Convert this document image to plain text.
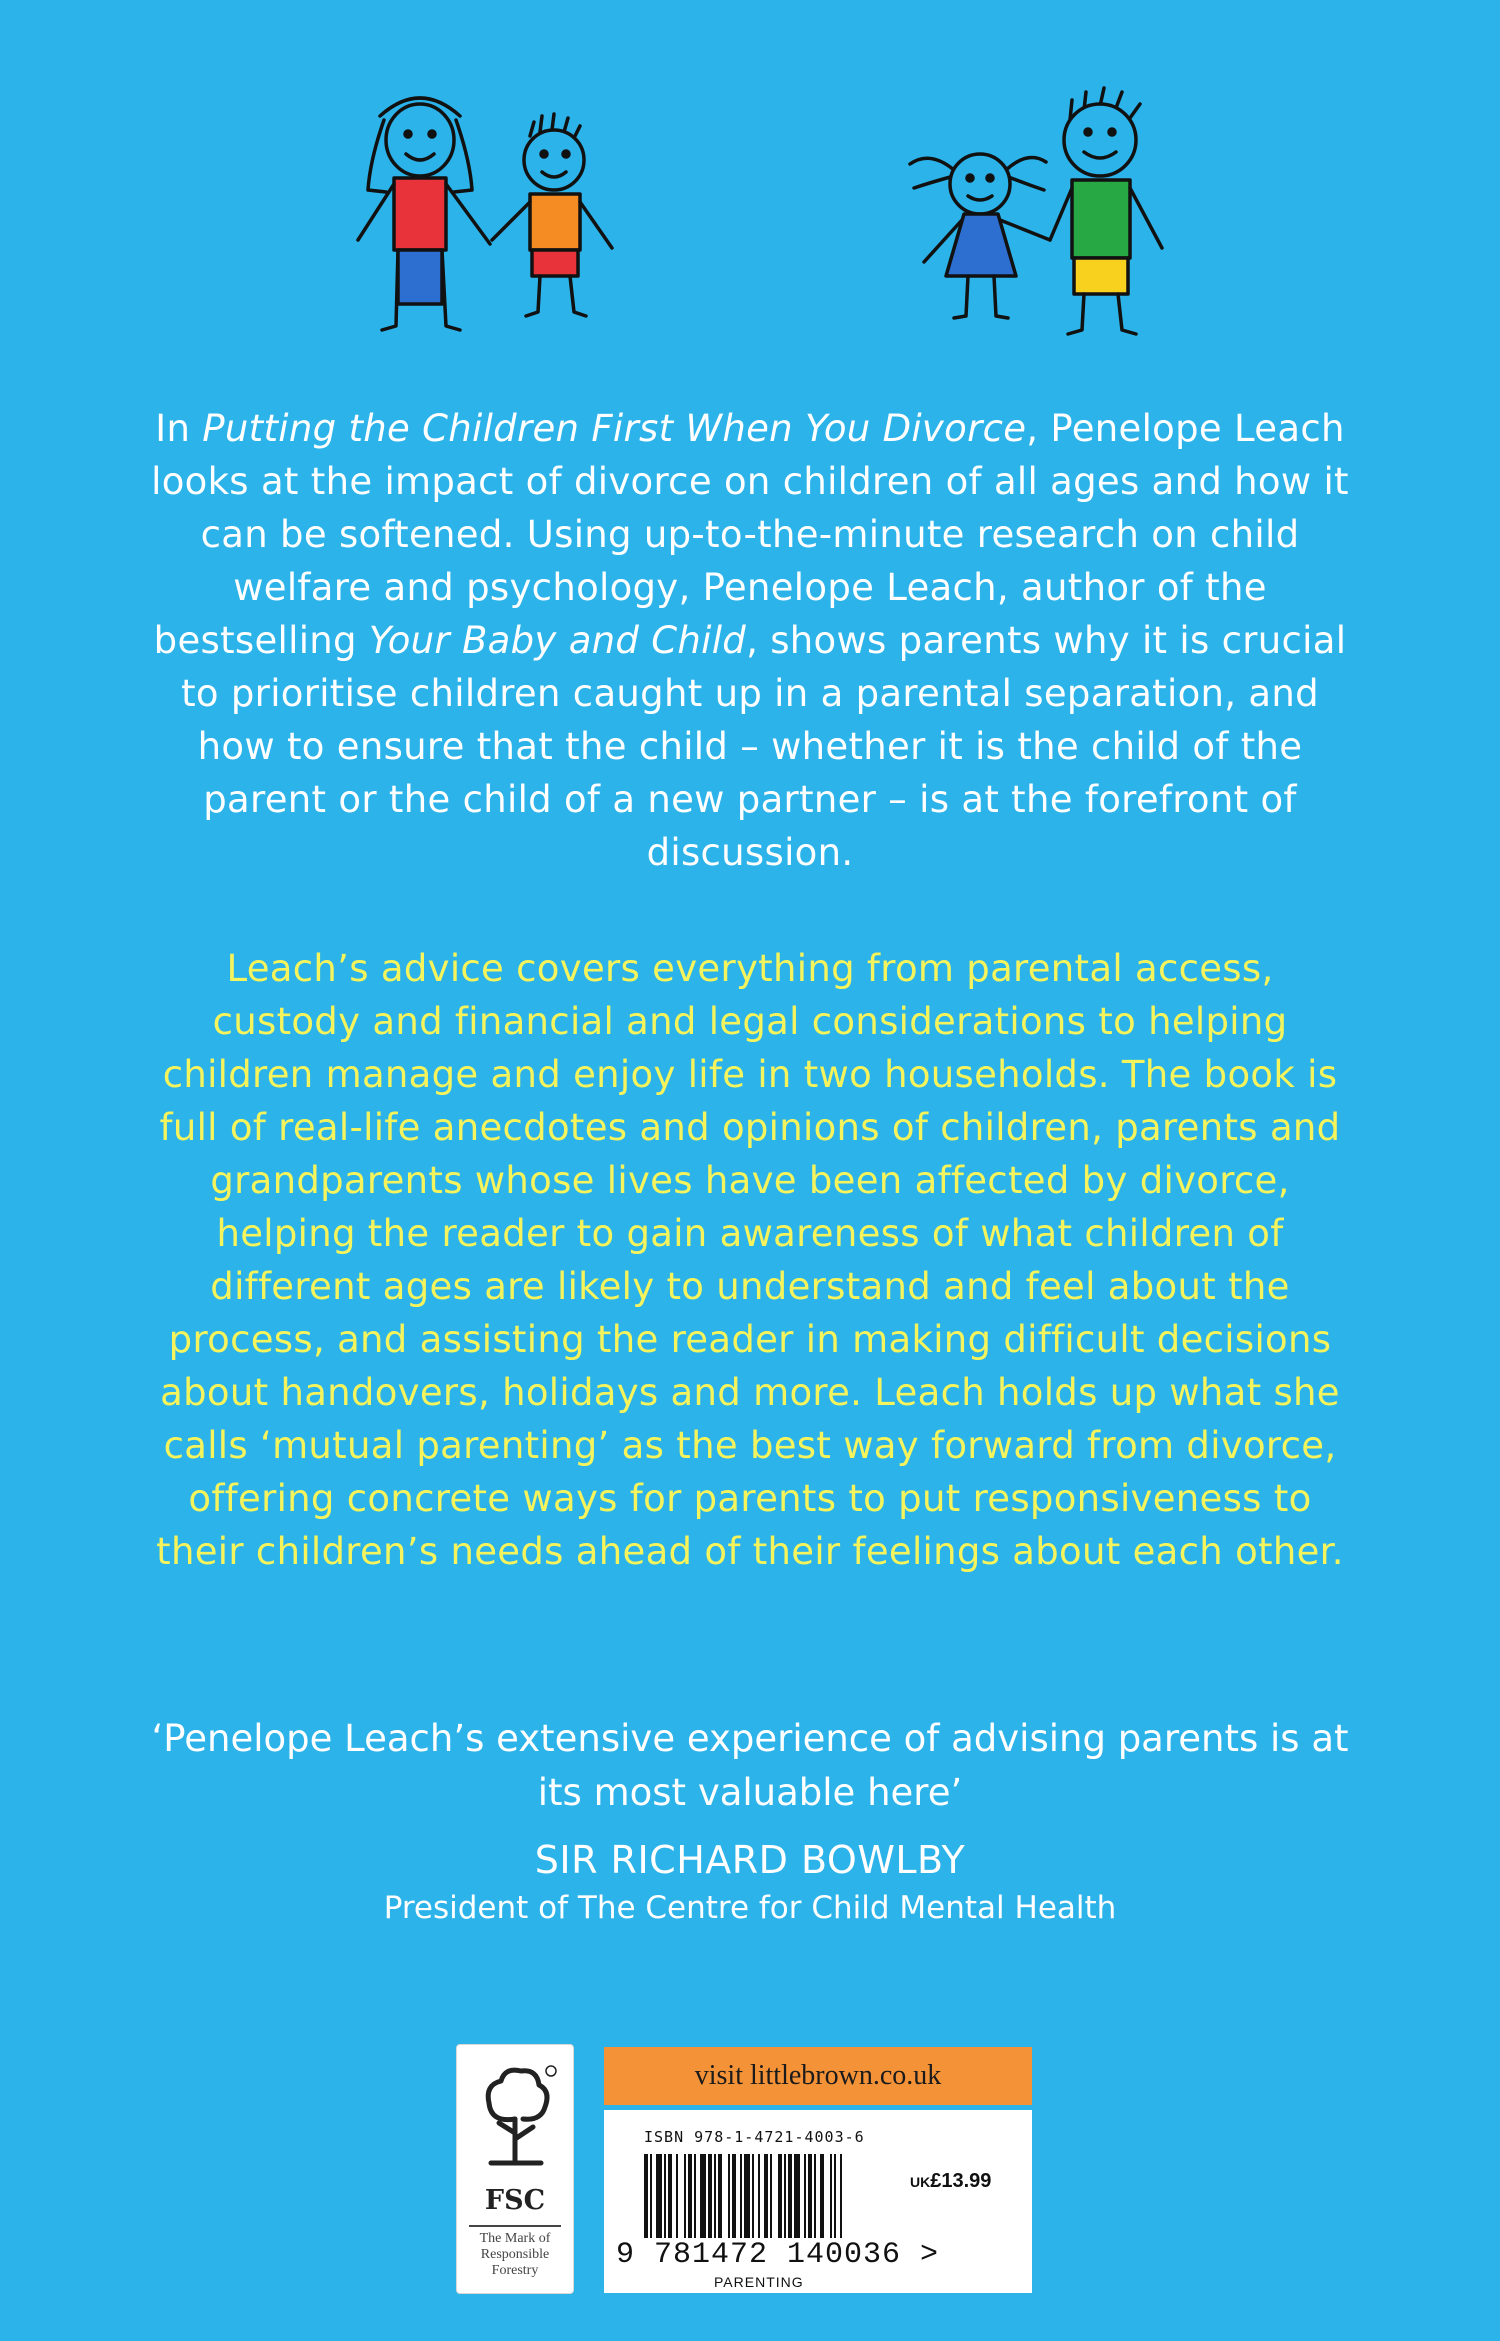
In Putting the Children First When You Divorce, Penelope Leach looks at the impact of divorce on children of all ages and how it can be softened. Using up-to-the-minute research on child welfare and psychology, Penelope Leach, author of the bestselling Your Baby and Child, shows parents why it is crucial to prioritise children caught up in a parental separation, and how to ensure that the child – whether it is the child of the parent or the child of a new partner – is at the forefront of discussion.

Leach’s advice covers everything from parental access, custody and financial and legal considerations to helping children manage and enjoy life in two households. The book is full of real-life anecdotes and opinions of children, parents and grandparents whose lives have been affected by divorce, helping the reader to gain awareness of what children of different ages are likely to understand and feel about the process, and assisting the reader in making difficult decisions about handovers, holidays and more. Leach holds up what she calls ‘mutual parenting’ as the best way forward from divorce, offering concrete ways for parents to put responsiveness to their children’s needs ahead of their feelings about each other.

‘Penelope Leach’s extensive experience of advising parents is at its most valuable here’

SIR RICHARD BOWLBY
President of The Centre for Child Mental Health
FSC
The Mark of Responsible Forestry
visit littlebrown.co.uk
ISBN 978-1-4721-4003-6
UK£13.99
9 781472 140036 >
PARENTING
